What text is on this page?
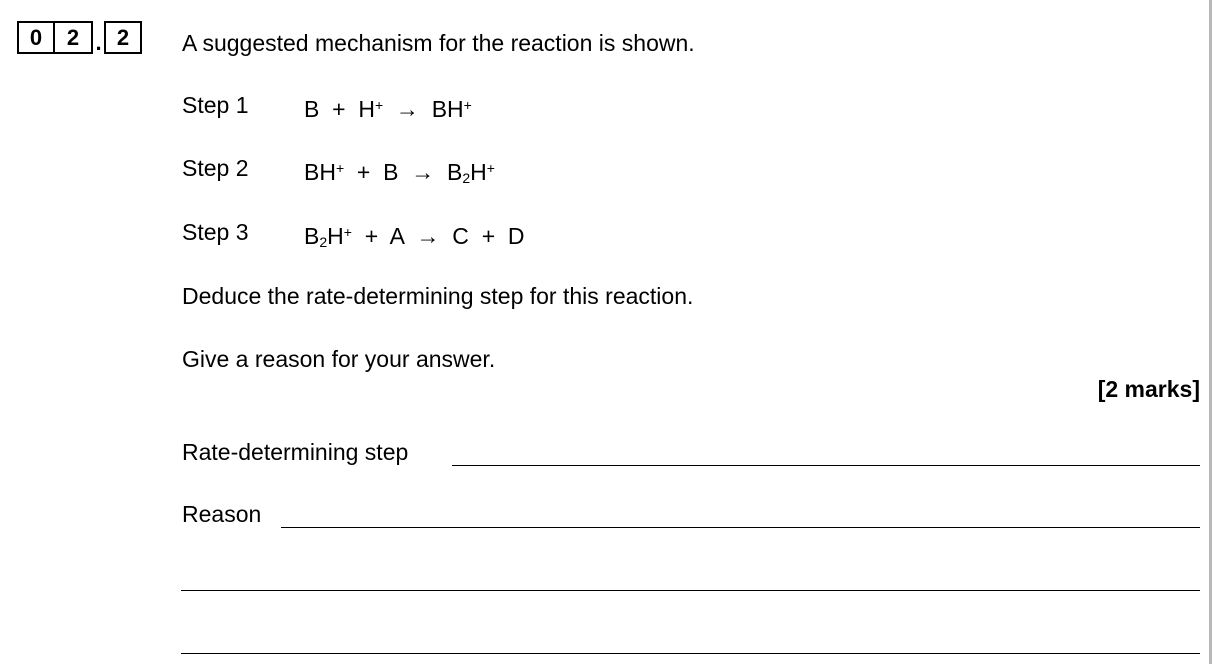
0	2 . 2	A suggested mechanism for the reaction is shown.
Step 1 B  +  H+  →  BH+
Step 2 $BH^+ + B \to B_2H^+$
Step 3 $B_2H^+ + A \to C + D$
Deduce the rate-determining step for this reaction.
Give a reason for your answer.
[2 marks]
Rate-determining step
Reason
